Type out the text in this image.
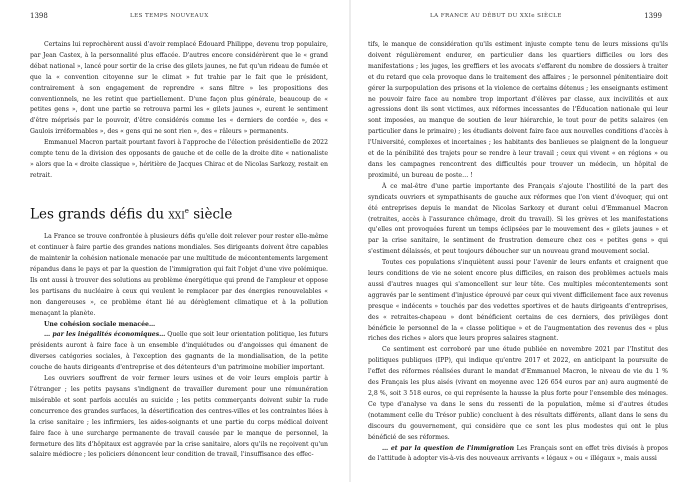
1398	LES TEMPS NOUVEAUX

Certains lui reprochèrent aussi d'avoir remplacé Édouard Philippe, devenu trop populaire, par Jean Castex, à la personnalité plus effacée. D'autres encore considérèrent que le « grand débat national », lancé pour sortir de la crise des gilets jaunes, ne fut qu'un rideau de fumée et que la « convention citoyenne sur le climat » fut trahie par le fait que le président, contrairement à son engagement de reprendre « sans filtre » les propositions des conventionnels, ne les retint que partiellement. D'une façon plus générale, beaucoup de « petites gens », dont une partie se retrouva parmi les « gilets jaunes », eurent le sentiment d'être méprisés par le pouvoir, d'être considérés comme les « derniers de cordée », des « Gaulois irréformables », des « gens qui ne sont rien », des « râleurs » permanents.

Emmanuel Macron partait pourtant favori à l'approche de l'élection présidentielle de 2022 compte tenu de la division des opposants de gauche et de celle de la droite dite « nationaliste » alors que la « droite classique », héritière de Jacques Chirac et de Nicolas Sarkozy, restait en retrait.

Les grands défis du xxi$^e$ siècle

La France se trouve confrontée à plusieurs défis qu'elle doit relever pour rester elle-même et continuer à faire partie des grandes nations mondiales. Ses dirigeants doivent être capables de maintenir la cohésion nationale menacée par une multitude de mécontentements largement répandus dans le pays et par la question de l'immigration qui fait l'objet d'une vive polémique. Ils ont aussi à trouver des solutions au problème énergétique qui prend de l'ampleur et oppose les partisans du nucléaire à ceux qui veulent le remplacer par des énergies renouvelables « non dangereuses », ce problème étant lié au dérèglement climatique et à la pollution menaçant la planète.

Une cohésion sociale menacée…

… par les inégalités économiques… Quelle que soit leur orientation politique, les futurs présidents auront à faire face à un ensemble d'inquiétudes ou d'angoisses qui émanent de diverses catégories sociales, à l'exception des gagnants de la mondialisation, de la petite couche de hauts dirigeants d'entreprise et des détenteurs d'un patrimoine mobilier important.

Les ouvriers souffrent de voir fermer leurs usines et de voir leurs emplois partir à l'étranger ; les petits paysans s'indignent de travailler durement pour une rémunération misérable et sont parfois acculés au suicide ; les petits commerçants doivent subir la rude concurrence des grandes surfaces, la désertification des centres-villes et les contraintes liées à la crise sanitaire ; les infirmiers, les aides-soignants et une partie du corps médical doivent faire face à une surcharge permanente de travail causée par le manque de personnel, la fermeture des lits d'hôpitaux est aggravée par la crise sanitaire, alors qu'ils ne reçoivent qu'un salaire médiocre ; les policiers dénoncent leur condition de travail, l'insuffisance des effec-

LA FRANCE AU DÉBUT DU XXIe SIÈCLE	1399

tifs, le manque de considération qu'ils estiment injuste compte tenu de leurs missions qu'ils doivent régulièrement endurer, en particulier dans les quartiers difficiles ou lors des manifestations ; les juges, les greffiers et les avocats s'effarent du nombre de dossiers à traiter et du retard que cela provoque dans le traitement des affaires ; le personnel pénitentiaire doit gérer la surpopulation des prisons et la violence de certains détenus ; les enseignants estiment ne pouvoir faire face au nombre trop important d'élèves par classe, aux incivilités et aux agressions dont ils sont victimes, aux réformes incessantes de l'Éducation nationale qui leur sont imposées, au manque de soutien de leur hiérarchie, le tout pour de petits salaires (en particulier dans le primaire) ; les étudiants doivent faire face aux nouvelles conditions d'accès à l'Université, complexes et incertaines ; les habitants des banlieues se plaignent de la longueur et de la pénibilité des trajets pour se rendre à leur travail ; ceux qui vivent « en régions » ou dans les campagnes rencontrent des difficultés pour trouver un médecin, un hôpital de proximité, un bureau de poste… !

À ce mal-être d'une partie importante des Français s'ajoute l'hostilité de la part des syndicats ouvriers et sympathisants de gauche aux réformes que l'on vient d'évoquer, qui ont été entreprises depuis le mandat de Nicolas Sarkozy et durant celui d'Emmanuel Macron (retraites, accès à l'assurance chômage, droit du travail). Si les grèves et les manifestations qu'elles ont provoquées furent un temps éclipsées par le mouvement des « gilets jaunes » et par la crise sanitaire, le sentiment de frustration demeure chez ces « petites gens » qui s'estiment délaissés, et peut toujours déboucher sur un nouveau grand mouvement social.

Toutes ces populations s'inquiètent aussi pour l'avenir de leurs enfants et craignent que leurs conditions de vie ne soient encore plus difficiles, en raison des problèmes actuels mais aussi d'autres nuages qui s'amoncellent sur leur tête. Ces multiples mécontentements sont aggravés par le sentiment d'injustice éprouvé par ceux qui vivent difficilement face aux revenus presque « indécents » touchés par des vedettes sportives et de hauts dirigeants d'entreprises, des « retraites-chapeau » dont bénéficient certains de ces derniers, des privilèges dont bénéficie le personnel de la « classe politique » et de l'augmentation des revenus des « plus riches des riches » alors que leurs propres salaires stagnent.

Ce sentiment est corroboré par une étude publiée en novembre 2021 par l'Institut des politiques publiques (IPP), qui indique qu'entre 2017 et 2022, en anticipant la poursuite de l'effet des réformes réalisées durant le mandat d'Emmanuel Macron, le niveau de vie du 1 % des Français les plus aisés (vivant en moyenne avec 126 654 euros par an) aura augmenté de 2,8 %, soit 3 518 euros, ce qui représente la hausse la plus forte pour l'ensemble des ménages. Ce type d'analyse va dans le sens du ressenti de la population, même si d'autres études (notamment celle du Trésor public) concluent à des résultats différents, allant dans le sens du discours du gouvernement, qui considère que ce sont les plus modestes qui ont le plus bénéficié de ses réformes.

… et par la question de l'immigration Les Français sont en effet très divisés à propos de l'attitude à adopter vis-à-vis des nouveaux arrivants « légaux » ou « illégaux », mais aussi
